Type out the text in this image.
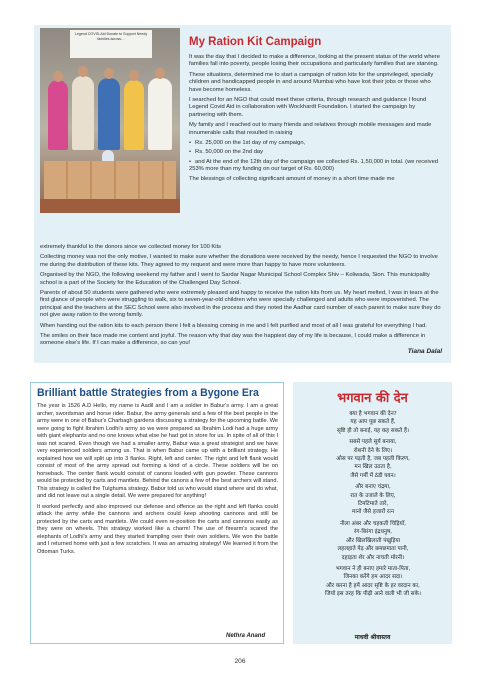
Legend COVID-Aid Donate to Support Needy families across…	My Ration Kit Campaign

It was the day that I decided to make a difference, looking at the present status of the world where families fall into poverty, people losing their occupations and particularly families that are starving.

These situations, determined me to start a campaign of ration kits for the unprivileged, specially children and handicapped people in and around Mumbai who have lost their jobs or those who have become homeless.

I searched for an NGO that could meet these criteria, through research and guidance I found Legend Covid Aid in collaboration with Wockhardt Foundation. I started the campaign by partnering with them.

My family and I reached out to many friends and relatives through mobile messages and made innumerable calls that resulted in raising

• Rs. 25,000 on the 1st day of my campaign,
• Rs. 50,000 on the 2nd day
• and At the end of the 12th day of the campaign we collected Rs. 1,50,000 in total. (we received 253% more than my funding on our target of Rs. 60,000)

The blessings of collecting significant amount of money in a short time made me

extremely thankful to the donors since we collected money for 100 Kits

Collecting money was not the only motive, I wanted to make sure whether the donations were received by the needy, hence I requested the NGO to involve me during the distribution of these kits. They agreed to my request and were more than happy to have more volunteers.

Organised by the NGO, the following weekend my father and I went to Sardar Nagar Municipal School Complex Shiv – Koliwada, Sion. This municipality school is a part of the Society for the Education of the Challenged Day School.

Parents of about 50 students were gathered who were extremely pleased and happy to receive the ration kits from us. My heart melted, I was in tears at the first glance of people who were struggling to walk, six to seven-year-old children who were specially challenged and adults who were impoverished. The principal and the teachers at the SEC School were also involved in the process and they noted the Aadhar card number of each parent to make sure they do not give away ration to the wrong family.

When handing out the ration kits to each person there I felt a blessing coming in me and I felt purified and most of all I was grateful for everything I had.

The smiles on their face made me content and joyful. The reason why that day was the happiest day of my life is because, I could make a difference in someone else's life. If I can make a difference, so can you!

Tiana Dalal
Brilliant battle Strategies from a Bygone Era

The year is 1526 A.D Hello, my name is Aadil and I am a soldier in Babur's army. I am a great archer, swordsman and horse rider. Babur, the army generals and a few of the best people in the army were in one of Babur's Charbagh gardens discussing a strategy for the upcoming battle. We were going to fight Ibrahim Lodhi's army so we were prepared as Ibrahim Lodi had a huge army with giant elephants and no one knows what else he had got in store for us. In spite of all of this I was not scared. Even though we had a smaller army, Babur was a great strategist and we have very experienced soldiers among us. That is when Babur came up with a brilliant strategy. He explained how we will split up into 3 flanks. Right, left and center. The right and left flank would consist of most of the army spread out forming a kind of a circle. These soldiers will be on horseback. The center flank would consist of canons loaded with gun powder. These cannons would be protected by carts and mantlets. Behind the canons a few of the best archers will stand. This strategy is called the Tulghuma strategy. Babur told us who would stand where and do what, and did not leave out a single detail. We were prepared for anything!

It worked perfectly and also improved our defense and offence as the right and left flanks could attack the army while the cannons and archers could keep shooting cannons and still be protected by the carts and mantlets. We could even re-position the carts and cannons easily as they were on wheels. This strategy worked like a charm! The use of firearm's scared the elephants of Lodhi's army and they started trampling over their own soldiers. We won the battle and I returned home with just a few scratches. It was an amazing strategy! We learned it from the Ottoman Turks.

Nethra Anand
भगवान की देन
क्या है भगवान की देन?
यह आप पूछ सकते हैं,
सृष्टि ही तो बनाई, यह कह सकते हैं।
सबसे पहले सूर्य बनाया,
रोशनी देने के लिए।
ओस पर पड़ती है, जब पहली किरण,
मन खिल उठता है,
जैसे गर्मी में ठंडी पवन।
और बनाए चंद्रमा,
रात के उजाले के लिए,
टिमटिमाते तारे,
मानो जैसे हजारों रत्न
नीला अंबर और चहकती चिड़ियाँ,
रंग-बिरंगा इंद्रधनुष,
और खिलखिलाती पंखुड़िया
लहलहाते पेड़ और छमछमाता पानी,
दहाड़ता शेर और नाचती मोरनी।
भगवान ने ही बनाए हमारे माता-पिता,
जिनका करेंगे हम आदर सदा।
और करना है हमें आदर सृष्टि के हर वरदान का,
जियो इस तरह कि पीढ़ी आने वाली भी जी सके।
माधवी श्रीवास्तव
206
